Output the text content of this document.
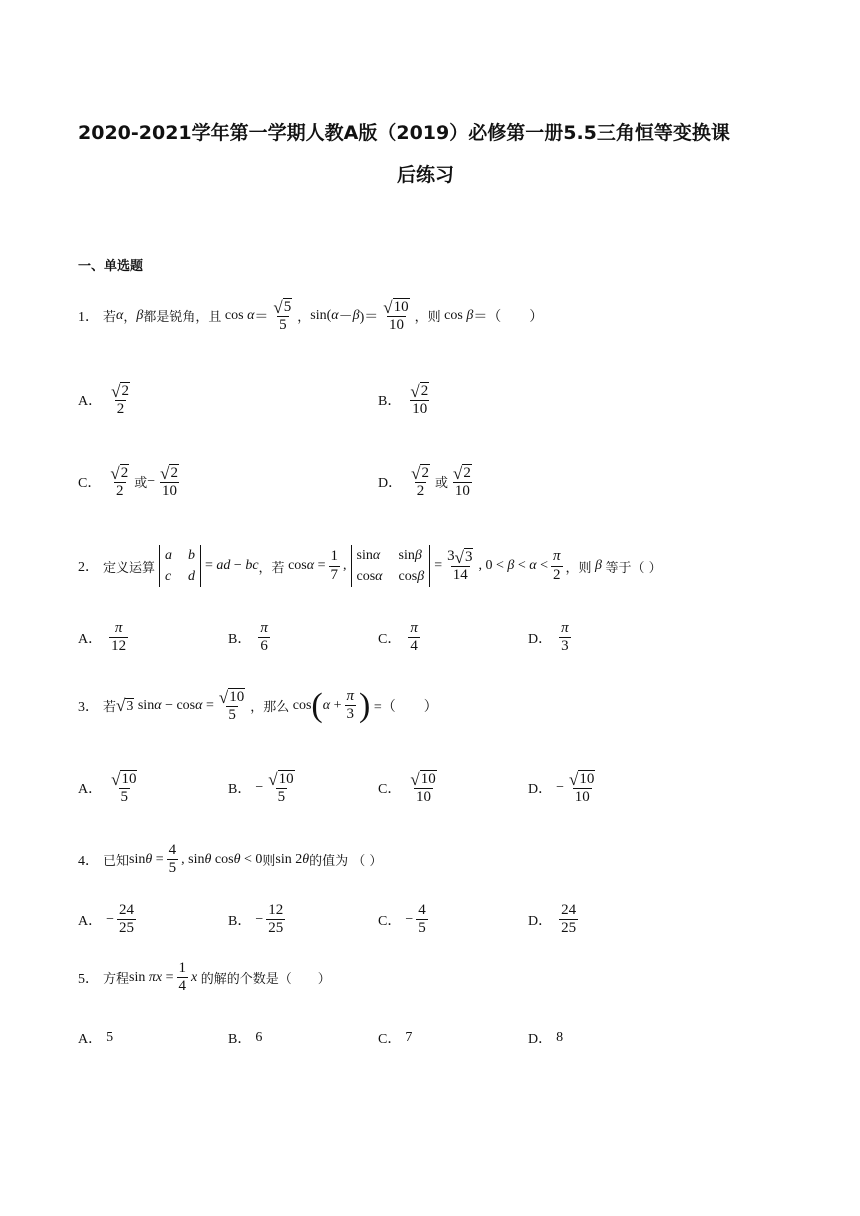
2020-2021学年第一学期人教A版（2019）必修第一册5.5三角恒等变换课
后练习
一、单选题
1． 若 α ， β 都是锐角，且 $\cos \alpha = \frac{√ 5}{5}$ ， sin( α － β )＝ $\frac{√ 10}{10}$ ，则 cos β ＝（　　）
A． $\frac{√ 2}{2}$	B． $\frac{√ 2}{10}$
C． $\frac{√ 2}{2}$ 或 − $\frac{√ 2}{10}$	D． $\frac{√ 2}{2}$ 或 $\frac{√ 2}{10}$
2． 定义运算
a b
c d
= ad − bc ，若 $\cos \alpha = \frac{1}{7}$ ,
sinα sinβ
cosα cosβ
= $\frac{3 √ 3}{14}$ , $0 < \beta < \alpha < \frac{\pi}{2}$ ，则
β
等于（ ）
A． $\frac{\pi}{12}$	B． $\frac{\pi}{6}$	C． $\frac{\pi}{4}$	D． $\frac{\pi}{3}$
3． 若 √ 3 $\sin \alpha - \cos \alpha = \frac{√ 10}{5}$ ，那么 cos ( $\alpha + \frac{\pi}{3}$ ) =（　　）
A． $\frac{√ 10}{5}$	B． − $\frac{√ 10}{5}$	C． $\frac{√ 10}{10}$	D． − $\frac{√ 10}{10}$
4． 已知 $\sin \theta = \frac{4}{5}$ , sin θ cos θ < 0 则 sin 2 θ 的值为 （ ）
A． − $\frac{24}{25}$	B． − $\frac{12}{25}$	C． − $\frac{4}{5}$	D． $\frac{24}{25}$
5． 方程 $\sin \pi x = \frac{1}{4}$ x
的解的个数是（　　）
A． 5	B． 6	C． 7	D． 8
